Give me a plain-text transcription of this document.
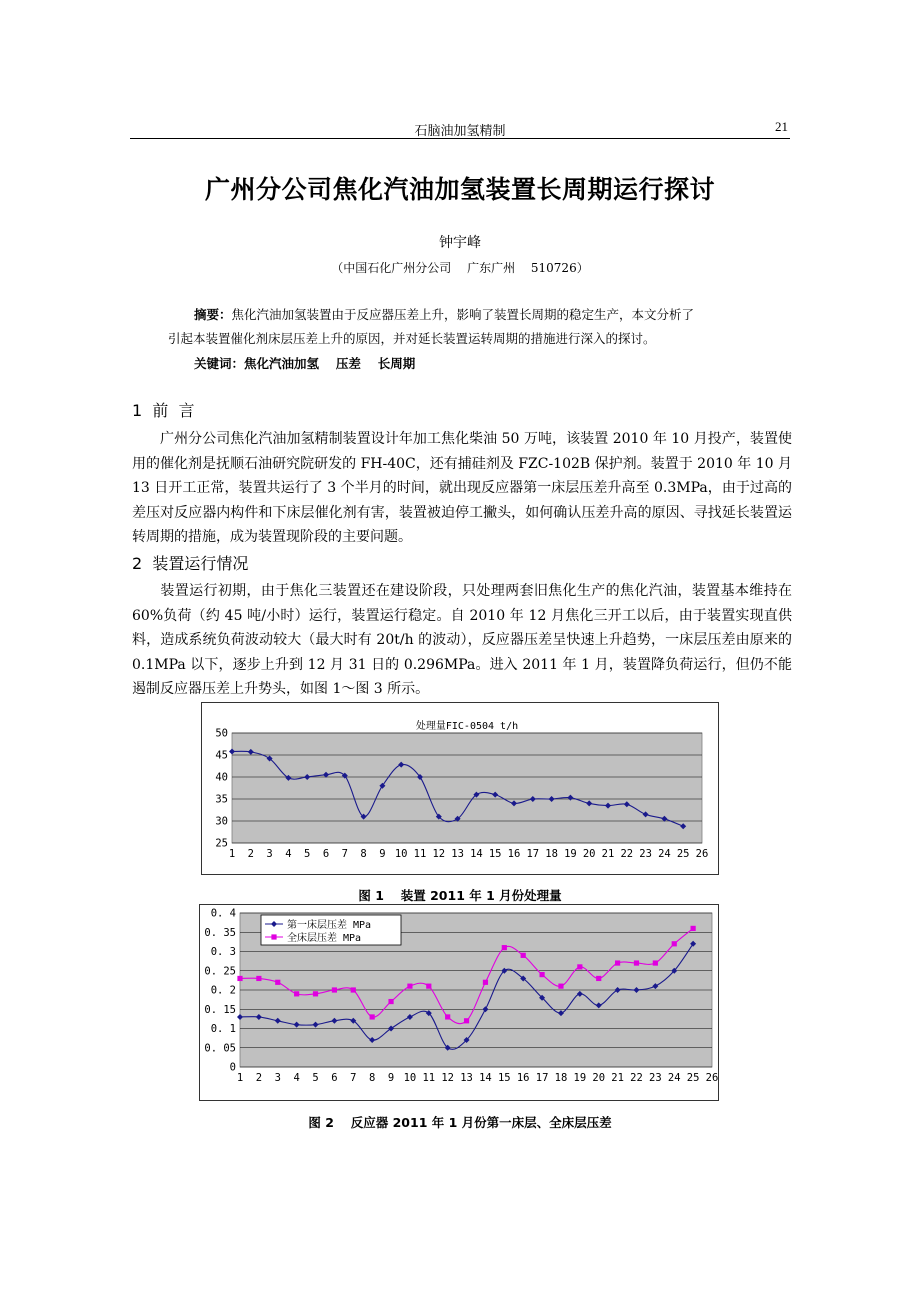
石脑油加氢精制	21
广州分公司焦化汽油加氢装置长周期运行探讨
钟宇峰
（中国石化广州分公司　 广东广州　 510726）
摘要：焦化汽油加氢装置由于反应器压差上升，影响了装置长周期的稳定生产，本文分析了
引起本装置催化剂床层压差上升的原因，并对延长装置运转周期的措施进行深入的探讨。
关键词：焦化汽油加氢　 压差　 长周期
1  前  言
广州分公司焦化汽油加氢精制装置设计年加工焦化柴油 50 万吨，该装置 2010 年 10 月投产，装置使用的催化剂是抚顺石油研究院研发的 FH-40C，还有捕硅剂及 FZC-102B 保护剂。装置于 2010 年 10 月 13 日开工正常，装置共运行了 3 个半月的时间，就出现反应器第一床层压差升高至 0.3MPa，由于过高的差压对反应器内构件和下床层催化剂有害，装置被迫停工撇头，如何确认压差升高的原因、寻找延长装置运转周期的措施，成为装置现阶段的主要问题。
2  装置运行情况
装置运行初期，由于焦化三装置还在建设阶段，只处理两套旧焦化生产的焦化汽油，装置基本维持在 60%负荷（约 45 吨/小时）运行，装置运行稳定。自 2010 年 12 月焦化三开工以后，由于装置实现直供料，造成系统负荷波动较大（最大时有 20t/h 的波动），反应器压差呈快速上升趋势，一床层压差由原来的 0.1MPa 以下，逐步上升到 12 月 31 日的 0.296MPa。进入 2011 年 1 月，装置降负荷运行，但仍不能遏制反应器压差上升势头，如图 1～图 3 所示。
25
30
35
40
45
50
1 2 3 4 5 6 7 8 9 10 11 12 13 14 15 16 17 18 19 20 21 22 23 24 25 26
处理量FIC-0504 t/h
图 1　 装置 2011 年 1 月份处理量
0
0. 05
0. 1
0. 15
0. 2
0. 25
0. 3
0. 35
0. 4
1 2 3 4 5 6 7 8 9 10 11 12 13 14 15 16 17 18 19 20 21 22 23 24 25 26
第一床层压差 MPa
全床层压差 MPa
图 2　 反应器 2011 年 1 月份第一床层、全床层压差
